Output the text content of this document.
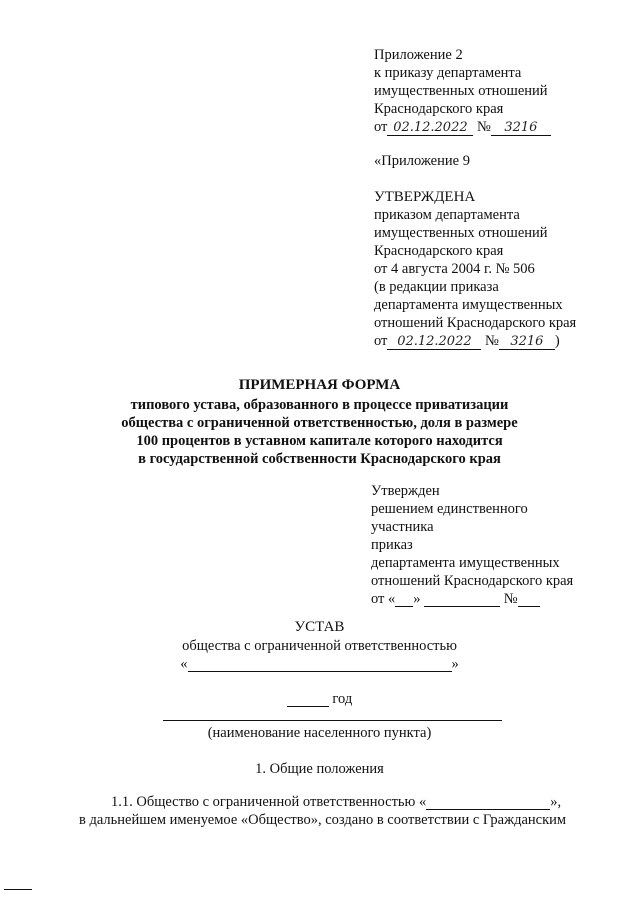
Приложение 2
к приказу департамента
имущественных отношений
Краснодарского края
от 02.12.2022 № 3216
«Приложение 9
УТВЕРЖДЕНА
приказом департамента
имущественных отношений
Краснодарского края
от 4 августа 2004 г. № 506
(в редакции приказа
департамента имущественных
отношений Краснодарского края
от 02.12.2022 № 3216 )
ПРИМЕРНАЯ ФОРМА
типового устава, образованного в процессе приватизации
общества с ограниченной ответственностью, доля в размере
100 процентов в уставном капитале которого находится
в государственной собственности Краснодарского края
Утвержден
решением единственного
участника
приказ
департамента имущественных
отношений Краснодарского края
от « »	№
УСТАВ
общества с ограниченной ответственностью
«	»
год
(наименование населенного пункта)
1. Общие положения
1.1. Общество с ограниченной ответственностью «	»,
в дальнейшем именуемое «Общество», создано в соответствии с Гражданским
